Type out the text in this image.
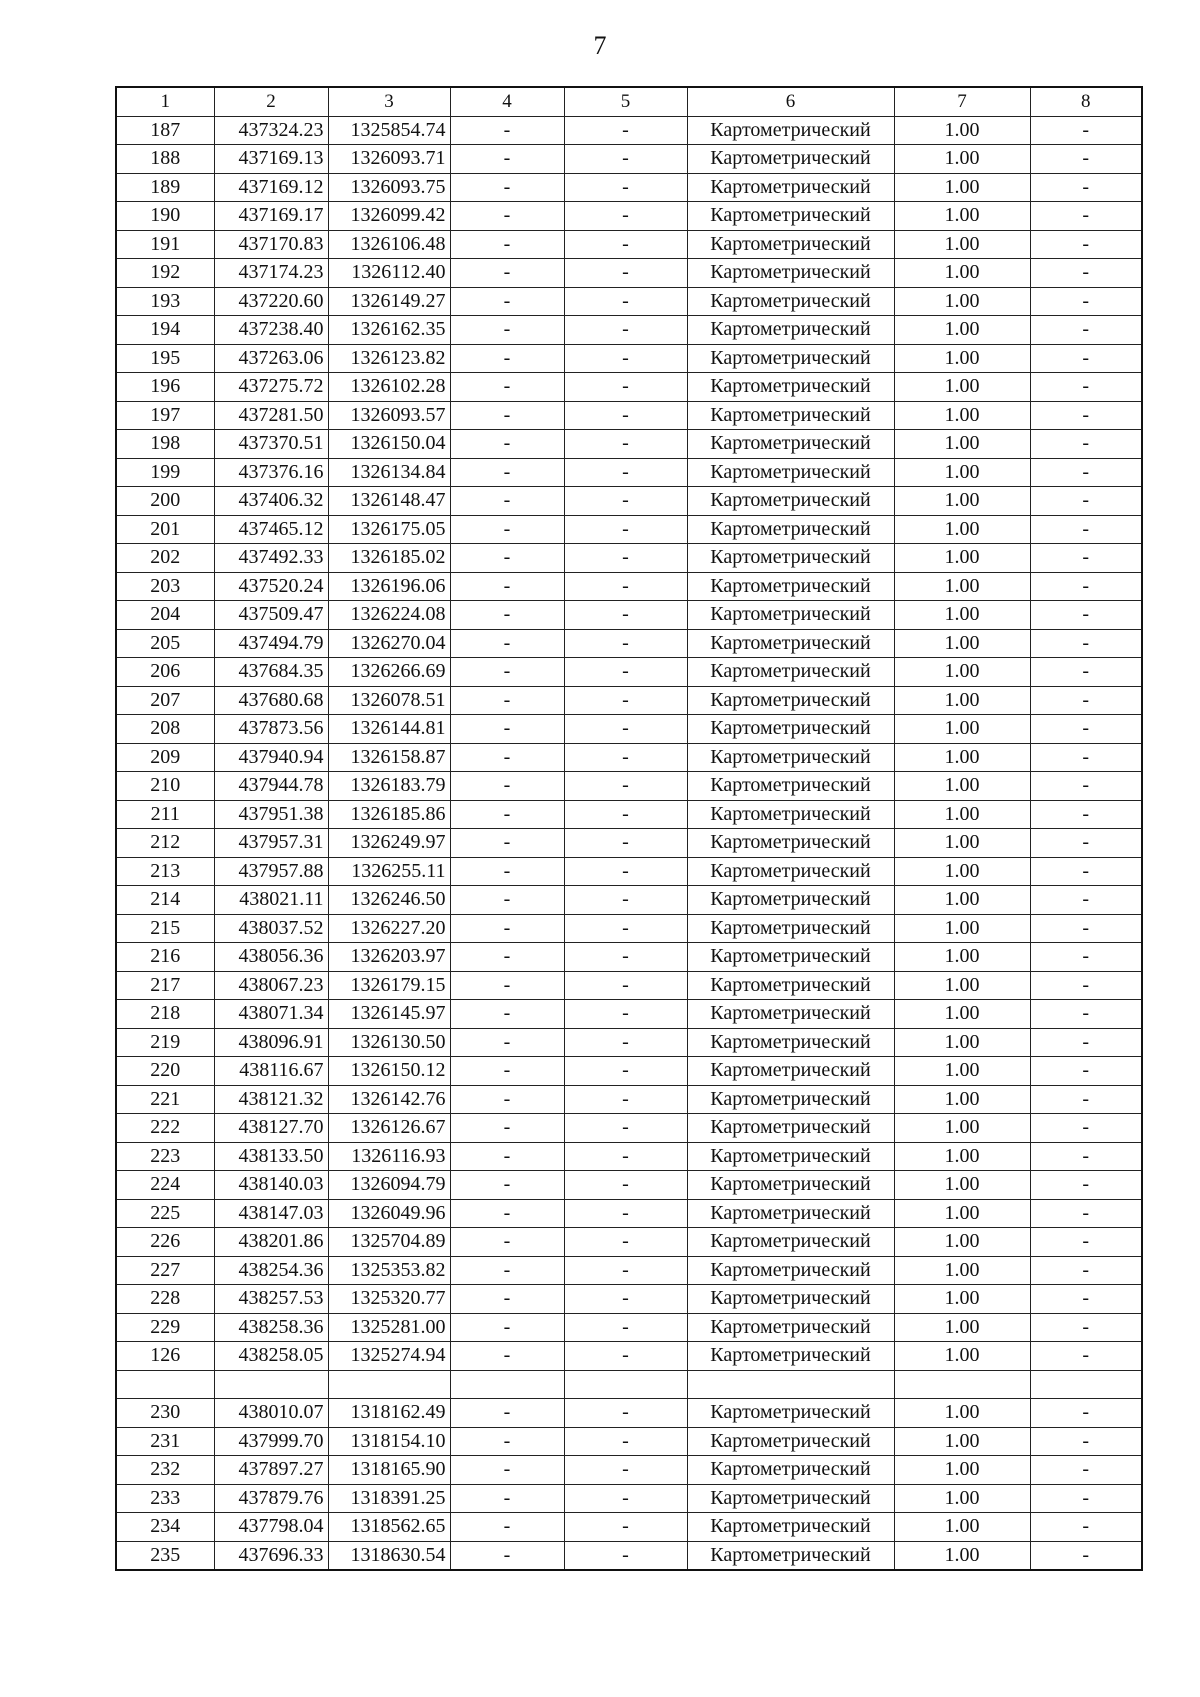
7
1	2	3	4	5	6	7	8
187	437324.23	1325854.74	-	-	Картометрический	1.00	-
188	437169.13	1326093.71	-	-	Картометрический	1.00	-
189	437169.12	1326093.75	-	-	Картометрический	1.00	-
190	437169.17	1326099.42	-	-	Картометрический	1.00	-
191	437170.83	1326106.48	-	-	Картометрический	1.00	-
192	437174.23	1326112.40	-	-	Картометрический	1.00	-
193	437220.60	1326149.27	-	-	Картометрический	1.00	-
194	437238.40	1326162.35	-	-	Картометрический	1.00	-
195	437263.06	1326123.82	-	-	Картометрический	1.00	-
196	437275.72	1326102.28	-	-	Картометрический	1.00	-
197	437281.50	1326093.57	-	-	Картометрический	1.00	-
198	437370.51	1326150.04	-	-	Картометрический	1.00	-
199	437376.16	1326134.84	-	-	Картометрический	1.00	-
200	437406.32	1326148.47	-	-	Картометрический	1.00	-
201	437465.12	1326175.05	-	-	Картометрический	1.00	-
202	437492.33	1326185.02	-	-	Картометрический	1.00	-
203	437520.24	1326196.06	-	-	Картометрический	1.00	-
204	437509.47	1326224.08	-	-	Картометрический	1.00	-
205	437494.79	1326270.04	-	-	Картометрический	1.00	-
206	437684.35	1326266.69	-	-	Картометрический	1.00	-
207	437680.68	1326078.51	-	-	Картометрический	1.00	-
208	437873.56	1326144.81	-	-	Картометрический	1.00	-
209	437940.94	1326158.87	-	-	Картометрический	1.00	-
210	437944.78	1326183.79	-	-	Картометрический	1.00	-
211	437951.38	1326185.86	-	-	Картометрический	1.00	-
212	437957.31	1326249.97	-	-	Картометрический	1.00	-
213	437957.88	1326255.11	-	-	Картометрический	1.00	-
214	438021.11	1326246.50	-	-	Картометрический	1.00	-
215	438037.52	1326227.20	-	-	Картометрический	1.00	-
216	438056.36	1326203.97	-	-	Картометрический	1.00	-
217	438067.23	1326179.15	-	-	Картометрический	1.00	-
218	438071.34	1326145.97	-	-	Картометрический	1.00	-
219	438096.91	1326130.50	-	-	Картометрический	1.00	-
220	438116.67	1326150.12	-	-	Картометрический	1.00	-
221	438121.32	1326142.76	-	-	Картометрический	1.00	-
222	438127.70	1326126.67	-	-	Картометрический	1.00	-
223	438133.50	1326116.93	-	-	Картометрический	1.00	-
224	438140.03	1326094.79	-	-	Картометрический	1.00	-
225	438147.03	1326049.96	-	-	Картометрический	1.00	-
226	438201.86	1325704.89	-	-	Картометрический	1.00	-
227	438254.36	1325353.82	-	-	Картометрический	1.00	-
228	438257.53	1325320.77	-	-	Картометрический	1.00	-
229	438258.36	1325281.00	-	-	Картометрический	1.00	-
126	438258.05	1325274.94	-	-	Картометрический	1.00	-

230	438010.07	1318162.49	-	-	Картометрический	1.00	-
231	437999.70	1318154.10	-	-	Картометрический	1.00	-
232	437897.27	1318165.90	-	-	Картометрический	1.00	-
233	437879.76	1318391.25	-	-	Картометрический	1.00	-
234	437798.04	1318562.65	-	-	Картометрический	1.00	-
235	437696.33	1318630.54	-	-	Картометрический	1.00	-
